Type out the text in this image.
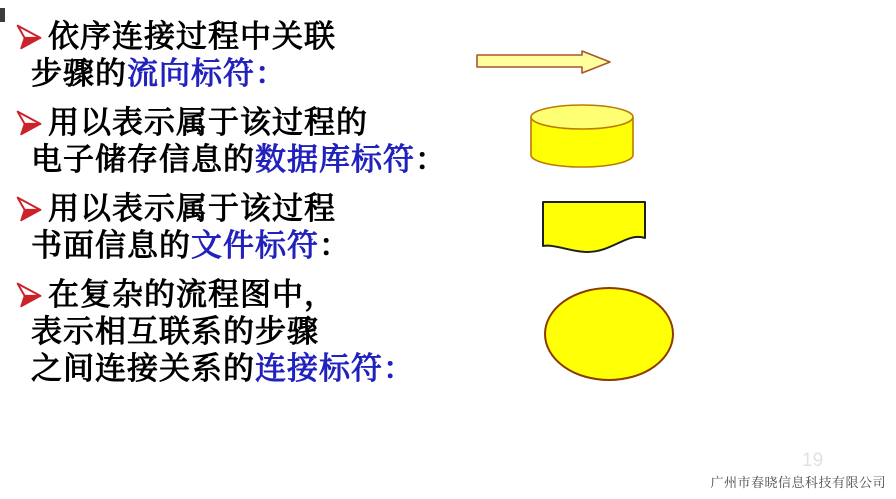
依序连接过程中关联
步骤的流向标符：
用以表示属于该过程的
电子储存信息的数据库标符：
用以表示属于该过程
书面信息的文件标符：
在复杂的流程图中，
表示相互联系的步骤
之间连接关系的连接标符：
19
广州市春晓信息科技有限公司
